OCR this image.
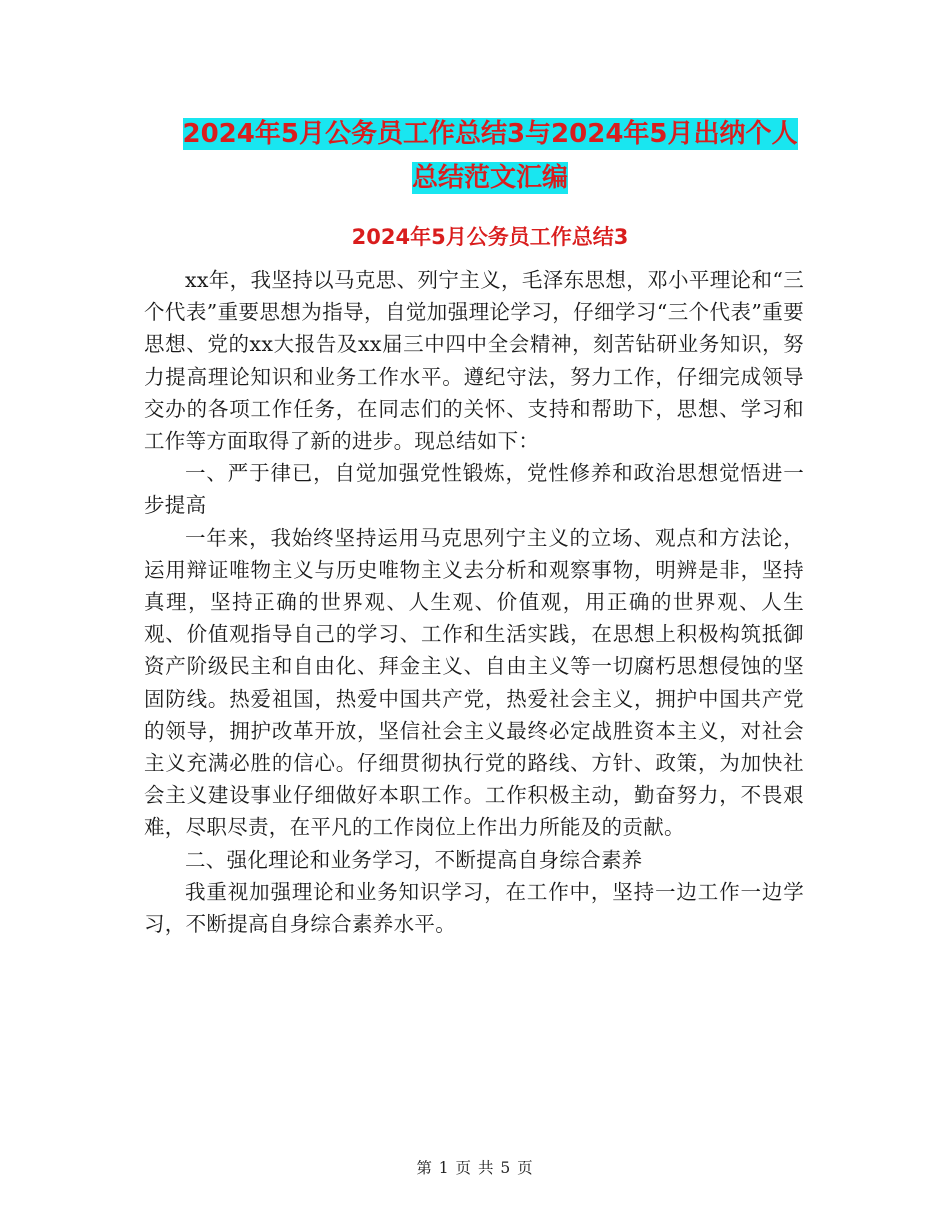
2024年5月公务员工作总结3与2024年5月出纳个人
总结范文汇编
2024年5月公务员工作总结3

xx年，我坚持以马克思、列宁主义，毛泽东思想，邓小平理论和“三个代表”重要思想为指导，自觉加强理论学习，仔细学习“三个代表”重要思想、党的xx大报告及xx届三中四中全会精神，刻苦钻研业务知识，努力提高理论知识和业务工作水平。遵纪守法，努力工作，仔细完成领导交办的各项工作任务，在同志们的关怀、支持和帮助下，思想、学习和工作等方面取得了新的进步。现总结如下：

一、严于律已，自觉加强党性锻炼，党性修养和政治思想觉悟进一步提高

一年来，我始终坚持运用马克思列宁主义的立场、观点和方法论，运用辩证唯物主义与历史唯物主义去分析和观察事物，明辨是非，坚持真理，坚持正确的世界观、人生观、价值观，用正确的世界观、人生观、价值观指导自己的学习、工作和生活实践，在思想上积极构筑抵御资产阶级民主和自由化、拜金主义、自由主义等一切腐朽思想侵蚀的坚固防线。热爱祖国，热爱中国共产党，热爱社会主义，拥护中国共产党的领导，拥护改革开放，坚信社会主义最终必定战胜资本主义，对社会主义充满必胜的信心。仔细贯彻执行党的路线、方针、政策，为加快社会主义建设事业仔细做好本职工作。工作积极主动，勤奋努力，不畏艰难，尽职尽责，在平凡的工作岗位上作出力所能及的贡献。

二、强化理论和业务学习，不断提高自身综合素养

我重视加强理论和业务知识学习，在工作中，坚持一边工作一边学习，不断提高自身综合素养水平。

第 1 页 共 5 页
